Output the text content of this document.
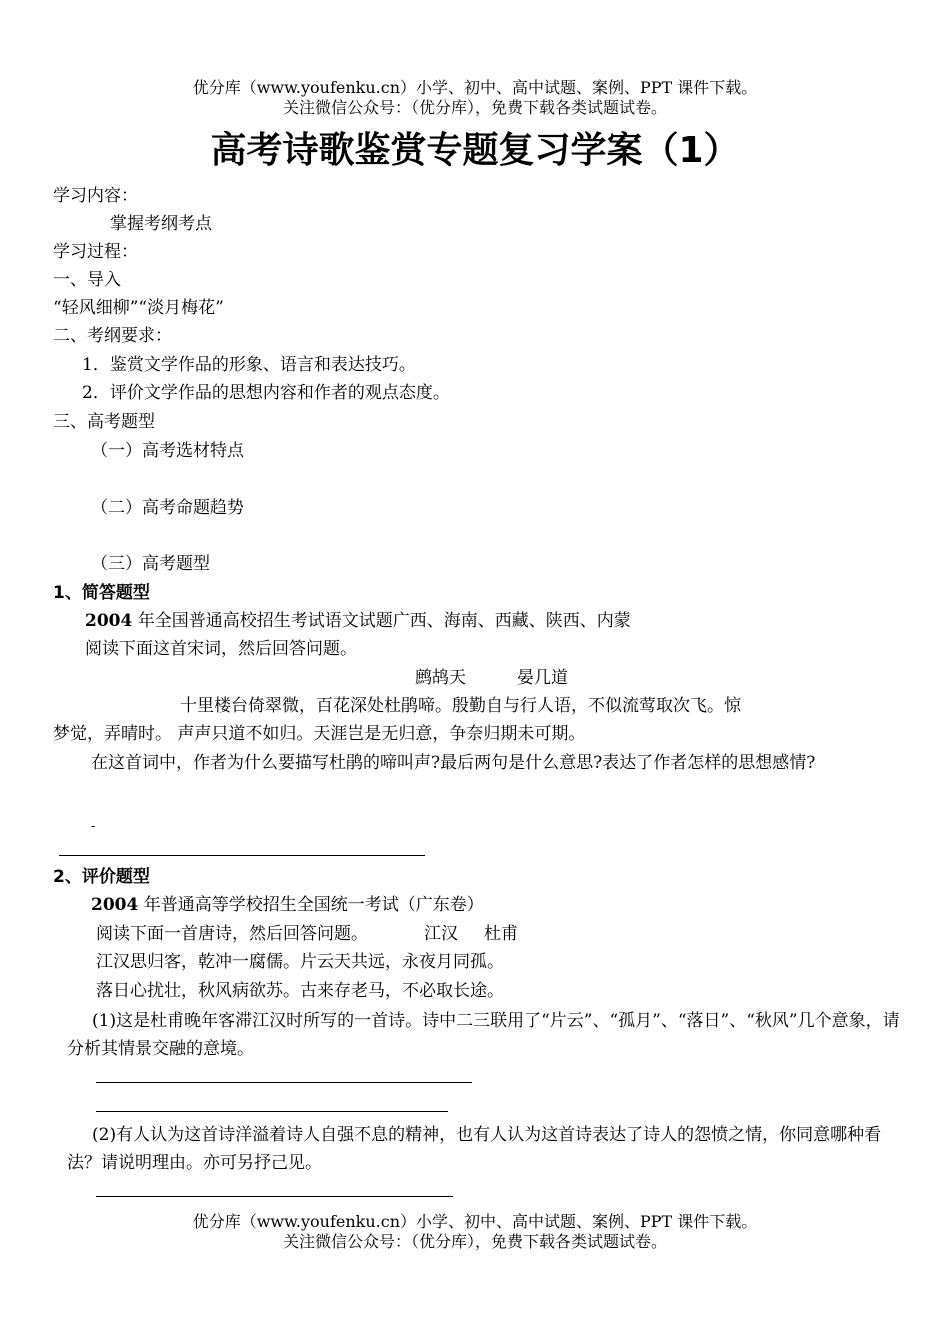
优分库（www.youfenku.cn）小学、初中、高中试题、案例、PPT 课件下载。
关注微信公众号：（优分库），免费下载各类试题试卷。
高考诗歌鉴赏专题复习学案（1）
学习内容：
掌握考纲考点
学习过程：
一、导入
“轻风细柳”“淡月梅花”
二、考纲要求：
1．鉴赏文学作品的形象、语言和表达技巧。
2．评价文学作品的思想内容和作者的观点态度。
三、高考题型
（一）高考选材特点
（二）高考命题趋势
（三）高考题型
1、简答题型
2004 年全国普通高校招生考试语文试题广西、海南、西藏、陕西、内蒙
阅读下面这首宋词，然后回答问题。
鹧鸪天	晏几道
十里楼台倚翠微，百花深处杜鹃啼。殷勤自与行人语，不似流莺取次飞。惊
梦觉，弄晴时。 声声只道不如归。天涯岂是无归意，争奈归期未可期。
在这首词中，作者为什么要描写杜鹃的啼叫声?最后两句是什么意思?表达了作者怎样的思想感情?
-
2、评价题型
2004 年普通高等学校招生全国统一考试（广东卷）
阅读下面一首唐诗，然后回答问题。	江汉 杜甫
江汉思归客，乾冲一腐儒。片云天共远，永夜月同孤。
落日心扰壮，秋风病欲苏。古来存老马，不必取长途。
(1)这是杜甫晚年客滞江汉时所写的一首诗。诗中二三联用了“片云”、“孤月”、“落日”、“秋风”几个意象，请分析其情景交融的意境。
(2)有人认为这首诗洋溢着诗人自强不息的精神，也有人认为这首诗表达了诗人的怨愤之情，你同意哪种看法？请说明理由。亦可另抒己见。
优分库（www.youfenku.cn）小学、初中、高中试题、案例、PPT 课件下载。
关注微信公众号：（优分库），免费下载各类试题试卷。
